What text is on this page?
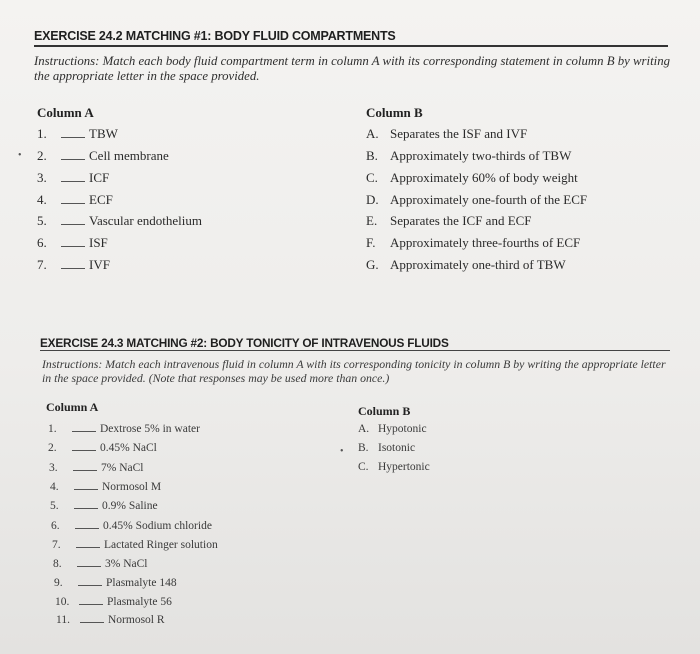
EXERCISE 24.2 MATCHING #1: BODY FLUID COMPARTMENTS
Instructions: Match each body fluid compartment term in column A with its corresponding statement in column B by writing the appropriate letter in the space provided.
Column A	Column B
•
1.	TBW
2.	Cell membrane
3.	ICF
4.	ECF
5.	Vascular endothelium
6.	ISF
7.	IVF
A. Separates the ISF and IVF
B. Approximately two-thirds of TBW
C. Approximately 60% of body weight
D. Approximately one-fourth of the ECF
E. Separates the ICF and ECF
F. Approximately three-fourths of ECF
G. Approximately one-third of TBW
EXERCISE 24.3 MATCHING #2: BODY TONICITY OF INTRAVENOUS FLUIDS
Instructions: Match each intravenous fluid in column A with its corresponding tonicity in column B by writing the appropriate letter in the space provided. (Note that responses may be used more than once.)
Column A	Column B
1.	Dextrose 5% in water
2.	0.45% NaCl
3.	7% NaCl
4.	Normosol M
5.	0.9% Saline
6.	0.45% Sodium chloride
7.	Lactated Ringer solution
8.	3% NaCl
9.	Plasmalyte 148
10.	Plasmalyte 56
11.	Normosol R
•
A. Hypotonic
B. Isotonic
C. Hypertonic
